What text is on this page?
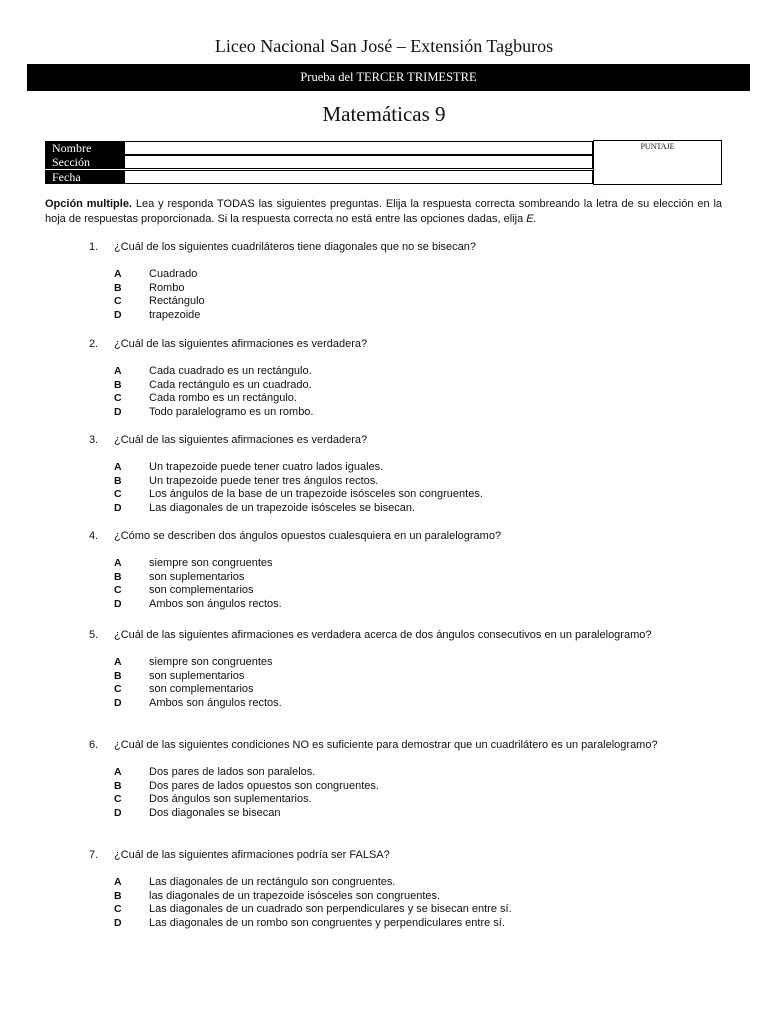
Liceo Nacional San José – Extensión Tagburos
Prueba del TERCER TRIMESTRE
Matemáticas 9
Nombre
Sección
Fecha
PUNTAJE
Opción multiple. Lea y responda TODAS las siguientes preguntas. Elija la respuesta correcta sombreando la letra de su elección en la hoja de respuestas proporcionada. Si la respuesta correcta no está entre las opciones dadas, elija E.
1. ¿Cuál de los siguientes cuadriláteros tiene diagonales que no se bisecan?
A Cuadrado
B Rombo
C Rectángulo
D trapezoide
2. ¿Cuál de las siguientes afirmaciones es verdadera?
A Cada cuadrado es un rectángulo.
B Cada rectángulo es un cuadrado.
C Cada rombo es un rectángulo.
D Todo paralelogramo es un rombo.
3. ¿Cuál de las siguientes afirmaciones es verdadera?
A Un trapezoide puede tener cuatro lados iguales.
B Un trapezoide puede tener tres ángulos rectos.
C Los ángulos de la base de un trapezoide isósceles son congruentes.
D Las diagonales de un trapezoide isósceles se bisecan.
4. ¿Cómo se describen dos ángulos opuestos cualesquiera en un paralelogramo?
A siempre son congruentes
B son suplementarios
C son complementarios
D Ambos son ángulos rectos.
5. ¿Cuál de las siguientes afirmaciones es verdadera acerca de dos ángulos consecutivos en un paralelogramo?
A siempre son congruentes
B son suplementarios
C son complementarios
D Ambos son ángulos rectos.
6. ¿Cuál de las siguientes condiciones NO es suficiente para demostrar que un cuadrilátero es un paralelogramo?
A Dos pares de lados son paralelos.
B Dos pares de lados opuestos son congruentes.
C Dos ángulos son suplementarios.
D Dos diagonales se bisecan
7. ¿Cuál de las siguientes afirmaciones podría ser FALSA?
A Las diagonales de un rectángulo son congruentes.
B las diagonales de un trapezoide isósceles son congruentes.
C Las diagonales de un cuadrado son perpendiculares y se bisecan entre sí.
D Las diagonales de un rombo son congruentes y perpendiculares entre sí.
